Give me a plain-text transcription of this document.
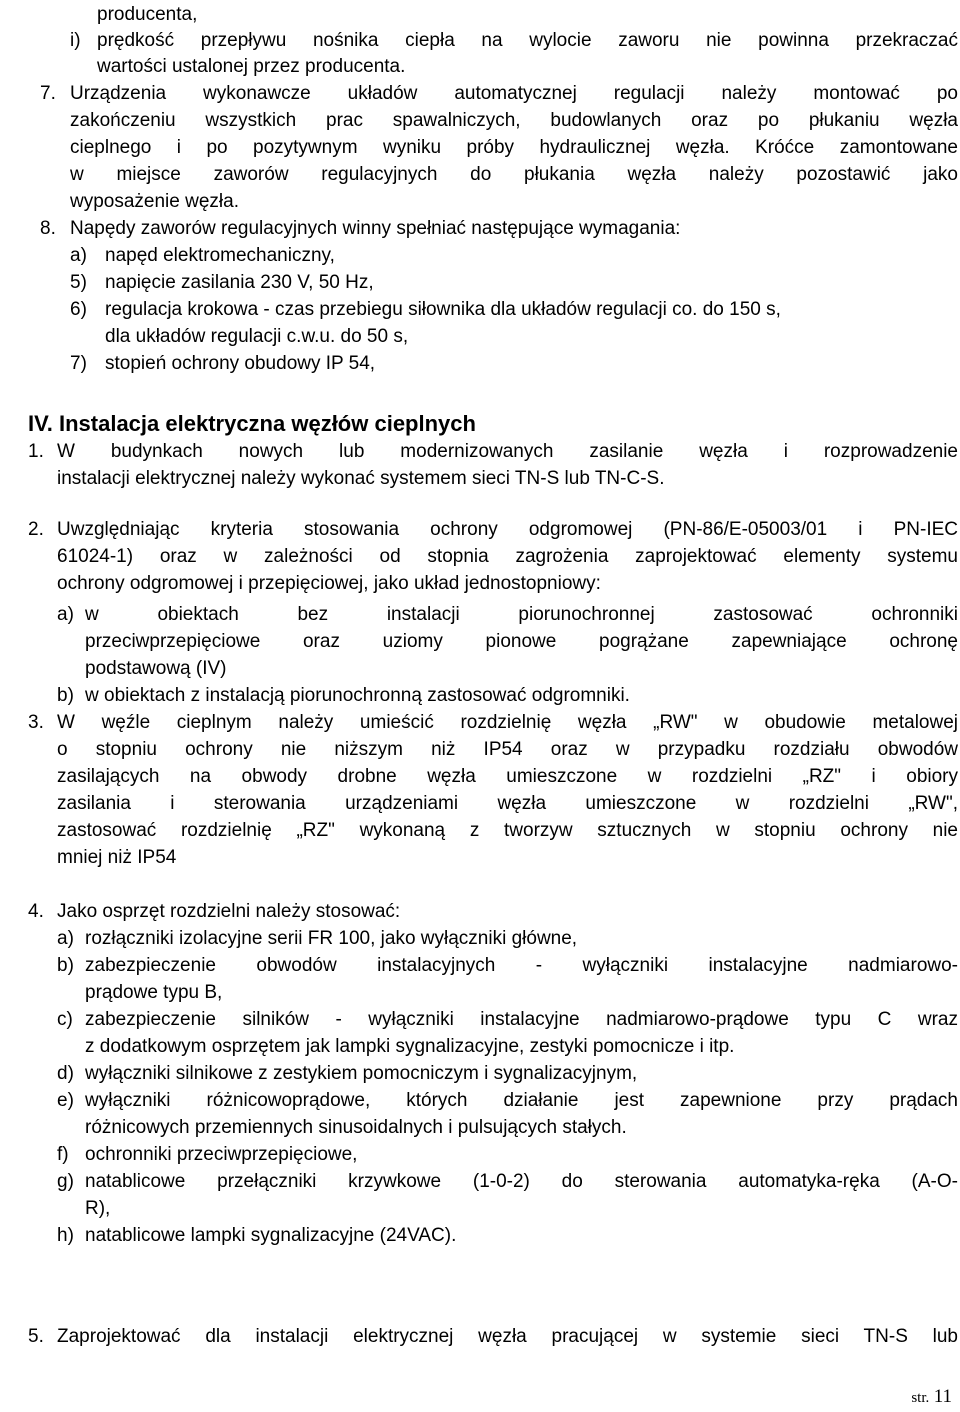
producenta,
i) prędkość przepływu nośnika ciepła na wylocie zaworu nie powinna przekraczać
wartości ustalonej przez producenta.
7. Urządzenia wykonawcze układów automatycznej regulacji należy montować po
zakończeniu wszystkich prac spawalniczych, budowlanych oraz po płukaniu węzła
cieplnego i po pozytywnym wyniku próby hydraulicznej węzła. Króćce zamontowane
w miejsce zaworów regulacyjnych do płukania węzła należy pozostawić jako
wyposażenie węzła.
8. Napędy zaworów regulacyjnych winny spełniać następujące wymagania:
a) napęd elektromechaniczny,
5) napięcie zasilania 230 V, 50 Hz,
6) regulacja krokowa - czas przebiegu siłownika dla układów regulacji co. do 150 s,
dla układów regulacji c.w.u. do 50 s,
7) stopień ochrony obudowy IP 54,
IV. Instalacja elektryczna węzłów cieplnych
1. W budynkach nowych lub modernizowanych zasilanie węzła i rozprowadzenie
instalacji elektrycznej należy wykonać systemem sieci TN-S lub TN-C-S.
2. Uwzględniając kryteria stosowania ochrony odgromowej (PN-86/E-05003/01 i PN-IEC
61024-1) oraz w zależności od stopnia zagrożenia zaprojektować elementy systemu
ochrony odgromowej i przepięciowej, jako układ jednostopniowy:
a) w obiektach bez instalacji piorunochronnej zastosować ochronniki
przeciwprzepięciowe oraz uziomy pionowe pogrążane zapewniające ochronę
podstawową (IV)
b) w obiektach z instalacją piorunochronną zastosować odgromniki.
3. W węźle cieplnym należy umieścić rozdzielnię węzła „RW" w obudowie metalowej
o stopniu ochrony nie niższym niż IP54 oraz w przypadku rozdziału obwodów
zasilających na obwody drobne węzła umieszczone w rozdzielni „RZ" i obiory
zasilania i sterowania urządzeniami węzła umieszczone w rozdzielni „RW",
zastosować rozdzielnię „RZ" wykonaną z tworzyw sztucznych w stopniu ochrony nie
mniej niż IP54
4. Jako osprzęt rozdzielni należy stosować:
a) rozłączniki izolacyjne serii FR 100, jako wyłączniki główne,
b) zabezpieczenie obwodów instalacyjnych - wyłączniki instalacyjne nadmiarowo-
prądowe typu B,
c) zabezpieczenie silników - wyłączniki instalacyjne nadmiarowo-prądowe typu C wraz
z dodatkowym osprzętem jak lampki sygnalizacyjne, zestyki pomocnicze i itp.
d) wyłączniki silnikowe z zestykiem pomocniczym i sygnalizacyjnym,
e) wyłączniki różnicowoprądowe, których działanie jest zapewnione przy prądach
różnicowych przemiennych sinusoidalnych i pulsujących stałych.
f) ochronniki przeciwprzepięciowe,
g) natablicowe przełączniki krzywkowe (1-0-2) do sterowania automatyka-ręka (A-O-
R),
h) natablicowe lampki sygnalizacyjne (24VAC).
5. Zaprojektować dla instalacji elektrycznej węzła pracującej w systemie sieci TN-S lub
str. 11
